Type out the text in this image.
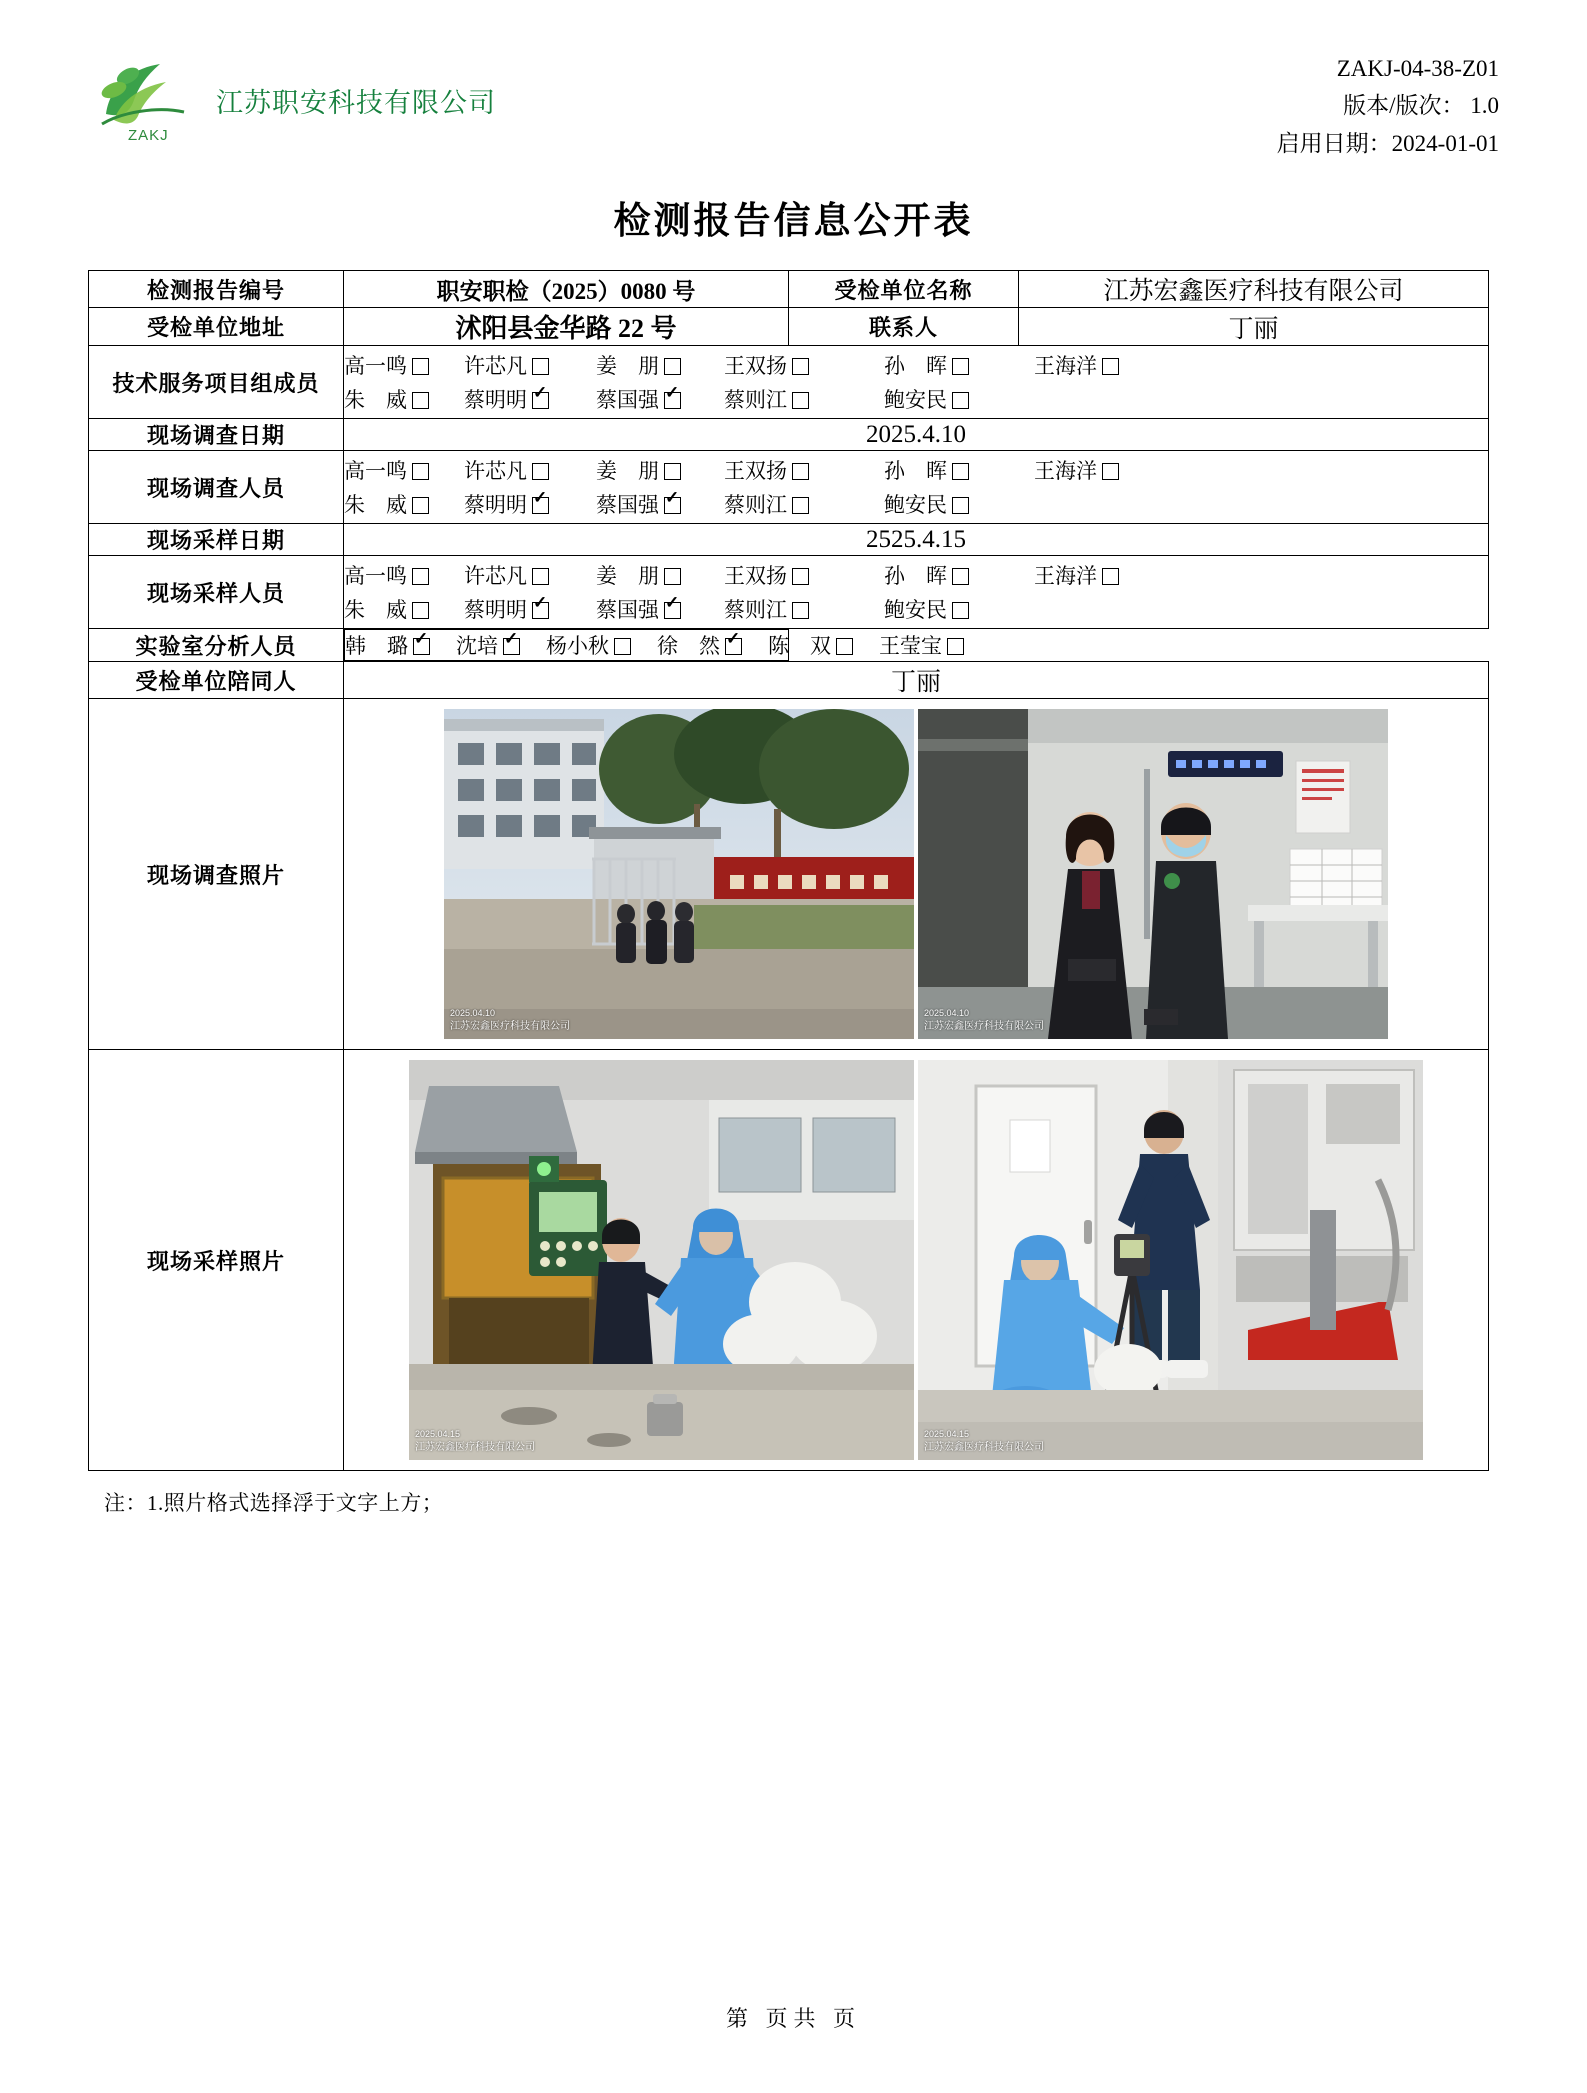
ZAKJ
江苏职安科技有限公司
ZAKJ-04-38-Z01
版本/版次： 1.0
启用日期：2024-01-01
检测报告信息公开表
检测报告编号	职安职检（2025）0080 号	受检单位名称	江苏宏鑫医疗科技有限公司
受检单位地址	沭阳县金华路 22 号	联系人	丁丽
技术服务项目组成员	
高一鸣	许芯凡	姜　朋	王双扬	孙　晖	王海洋
朱　威	蔡明明 ✓	蔡国强 ✓	蔡则江	鲍安民

现场调查日期	2025.4.10		
现场调查人员	
高一鸣	许芯凡	姜　朋	王双扬	孙　晖	王海洋
朱　威	蔡明明 ✓	蔡国强 ✓	蔡则江	鲍安民

现场采样日期	2525.4.15		
现场采样人员	
高一鸣	许芯凡	姜　朋	王双扬	孙　晖	王海洋
朱　威	蔡明明 ✓	蔡国强 ✓	蔡则江	鲍安民

实验室分析人员	韩　璐 ✓ 沈培 ✓ 杨小秋 徐　然 ✓ 陈　双 王莹宝

受检单位陪同人	丁丽		
现场调查照片	2025.04.10
江苏宏鑫医疗科技有限公司
2025.04.10
江苏宏鑫医疗科技有限公司		

现场采样照片	2025.04.15
江苏宏鑫医疗科技有限公司
2025.04.15
江苏宏鑫医疗科技有限公司		
注：1.照片格式选择浮于文字上方；
第 页共 页
